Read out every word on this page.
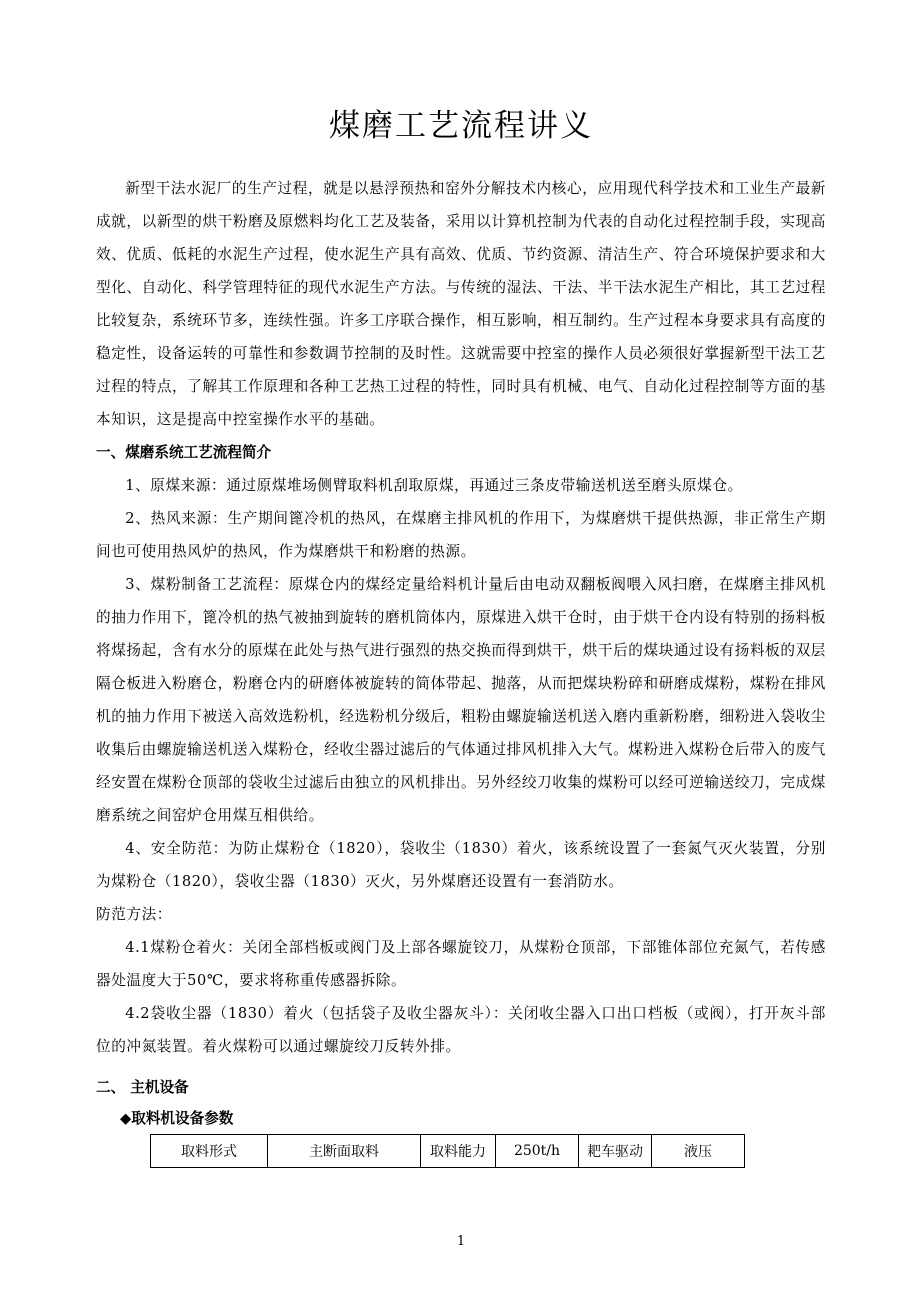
煤磨工艺流程讲义

新型干法水泥厂的生产过程，就是以悬浮预热和窑外分解技术内核心，应用现代科学技术和工业生产最新成就，以新型的烘干粉磨及原燃料均化工艺及装备，采用以计算机控制为代表的自动化过程控制手段，实现高效、优质、低耗的水泥生产过程，使水泥生产具有高效、优质、节约资源、清洁生产、符合环境保护要求和大型化、自动化、科学管理特征的现代水泥生产方法。与传统的湿法、干法、半干法水泥生产相比，其工艺过程比较复杂，系统环节多，连续性强。许多工序联合操作，相互影响，相互制约。生产过程本身要求具有高度的稳定性，设备运转的可靠性和参数调节控制的及时性。这就需要中控室的操作人员必须很好掌握新型干法工艺过程的特点，了解其工作原理和各种工艺热工过程的特性，同时具有机械、电气、自动化过程控制等方面的基本知识，这是提高中控室操作水平的基础。

一、煤磨系统工艺流程简介

1、原煤来源：通过原煤堆场侧臂取料机刮取原煤，再通过三条皮带输送机送至磨头原煤仓。

2、热风来源：生产期间篦冷机的热风，在煤磨主排风机的作用下，为煤磨烘干提供热源，非正常生产期间也可使用热风炉的热风，作为煤磨烘干和粉磨的热源。

3、煤粉制备工艺流程：原煤仓内的煤经定量给料机计量后由电动双翻板阀喂入风扫磨，在煤磨主排风机的抽力作用下，篦冷机的热气被抽到旋转的磨机筒体内，原煤进入烘干仓时，由于烘干仓内设有特别的扬料板将煤扬起，含有水分的原煤在此处与热气进行强烈的热交换而得到烘干，烘干后的煤块通过设有扬料板的双层隔仓板进入粉磨仓，粉磨仓内的研磨体被旋转的简体带起、抛落，从而把煤块粉碎和研磨成煤粉，煤粉在排风机的抽力作用下被送入高效选粉机，经选粉机分级后，粗粉由螺旋输送机送入磨内重新粉磨，细粉进入袋收尘收集后由螺旋输送机送入煤粉仓，经收尘器过滤后的气体通过排风机排入大气。煤粉进入煤粉仓后带入的废气经安置在煤粉仓顶部的袋收尘过滤后由独立的风机排出。另外经绞刀收集的煤粉可以经可逆输送绞刀，完成煤磨系统之间窑炉仓用煤互相供给。

4、安全防范：为防止煤粉仓（1820），袋收尘（1830）着火，该系统设置了一套氮气灭火装置，分别为煤粉仓（1820），袋收尘器（1830）灭火，另外煤磨还设置有一套消防水。

防范方法：

4.1煤粉仓着火：关闭全部档板或阀门及上部各螺旋铰刀，从煤粉仓顶部，下部锥体部位充氮气，若传感器处温度大于50℃，要求将称重传感器拆除。

4.2袋收尘器（1830）着火（包括袋子及收尘器灰斗）：关闭收尘器入口出口档板（或阀），打开灰斗部位的冲氮装置。着火煤粉可以通过螺旋绞刀反转外排。

二、 主机设备
◆取料机设备参数
取料形式	主断面取料	取料能力	250t/h	耙车驱动	液压
1
